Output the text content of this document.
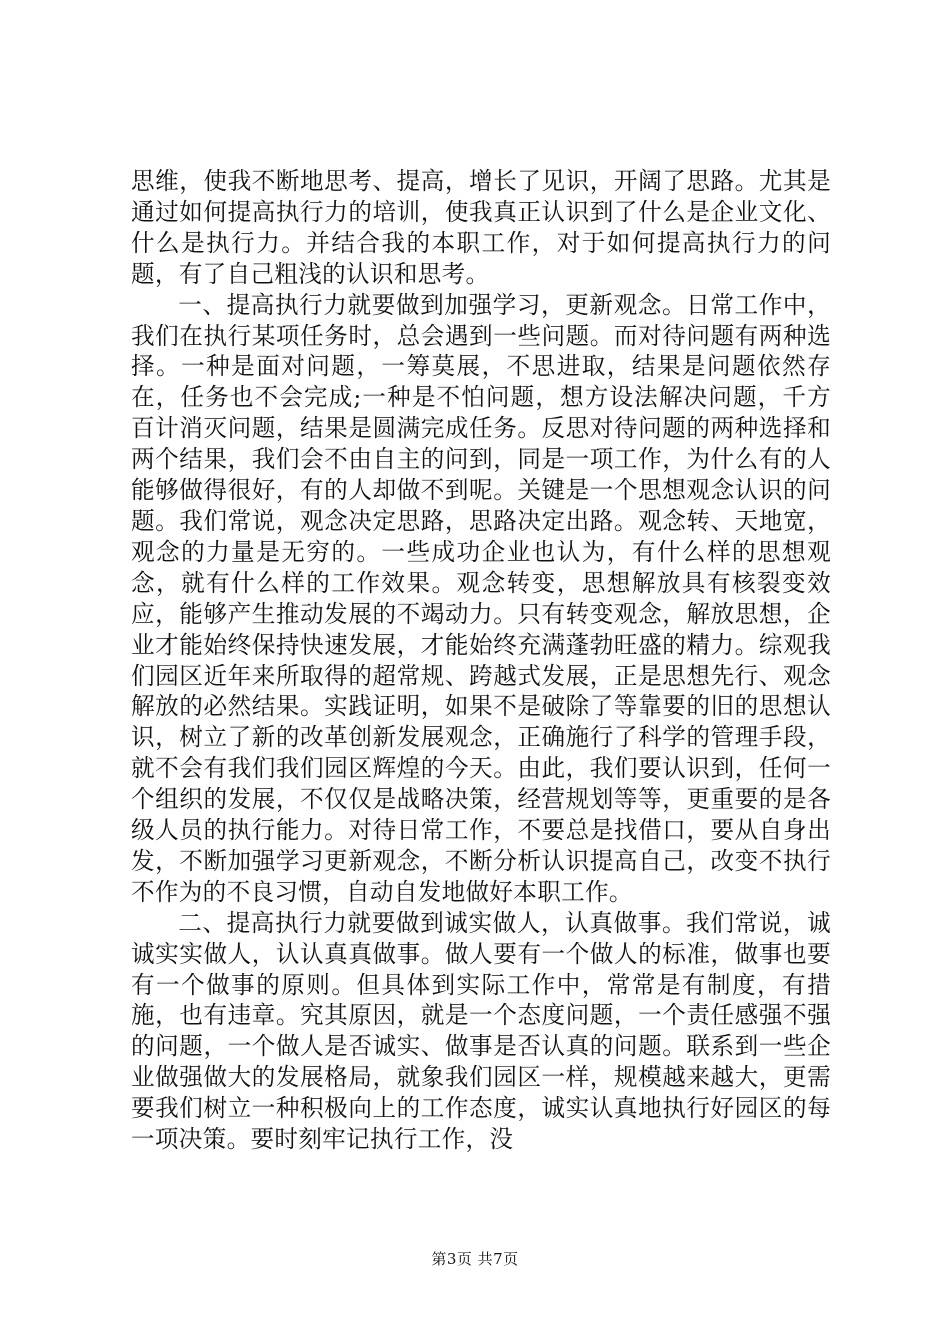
思维，使我不断地思考、提高，增长了见识，开阔了思路。尤其是通过如何提高执行力的培训，使我真正认识到了什么是企业文化、什么是执行力。并结合我的本职工作，对于如何提高执行力的问题，有了自己粗浅的认识和思考。

一、提高执行力就要做到加强学习，更新观念。日常工作中，我们在执行某项任务时，总会遇到一些问题。而对待问题有两种选择。一种是面对问题，一筹莫展，不思进取，结果是问题依然存在，任务也不会完成;一种是不怕问题，想方设法解决问题，千方百计消灭问题，结果是圆满完成任务。反思对待问题的两种选择和两个结果，我们会不由自主的问到，同是一项工作，为什么有的人能够做得很好，有的人却做不到呢。关键是一个思想观念认识的问题。我们常说，观念决定思路，思路决定出路。观念转、天地宽，观念的力量是无穷的。一些成功企业也认为，有什么样的思想观念，就有什么样的工作效果。观念转变，思想解放具有核裂变效应，能够产生推动发展的不竭动力。只有转变观念，解放思想，企业才能始终保持快速发展，才能始终充满蓬勃旺盛的精力。综观我们园区近年来所取得的超常规、跨越式发展，正是思想先行、观念解放的必然结果。实践证明，如果不是破除了等靠要的旧的思想认识，树立了新的改革创新发展观念，正确施行了科学的管理手段，就不会有我们我们园区辉煌的今天。由此，我们要认识到，任何一个组织的发展，不仅仅是战略决策，经营规划等等，更重要的是各级人员的执行能力。对待日常工作，不要总是找借口，要从自身出发，不断加强学习更新观念，不断分析认识提高自己，改变不执行不作为的不良习惯，自动自发地做好本职工作。

二、提高执行力就要做到诚实做人，认真做事。我们常说，诚诚实实做人，认认真真做事。做人要有一个做人的标准，做事也要有一个做事的原则。但具体到实际工作中，常常是有制度，有措施，也有违章。究其原因，就是一个态度问题，一个责任感强不强的问题，一个做人是否诚实、做事是否认真的问题。联系到一些企业做强做大的发展格局，就象我们园区一样，规模越来越大，更需要我们树立一种积极向上的工作态度，诚实认真地执行好园区的每一项决策。要时刻牢记执行工作，没

第3页 共7页
